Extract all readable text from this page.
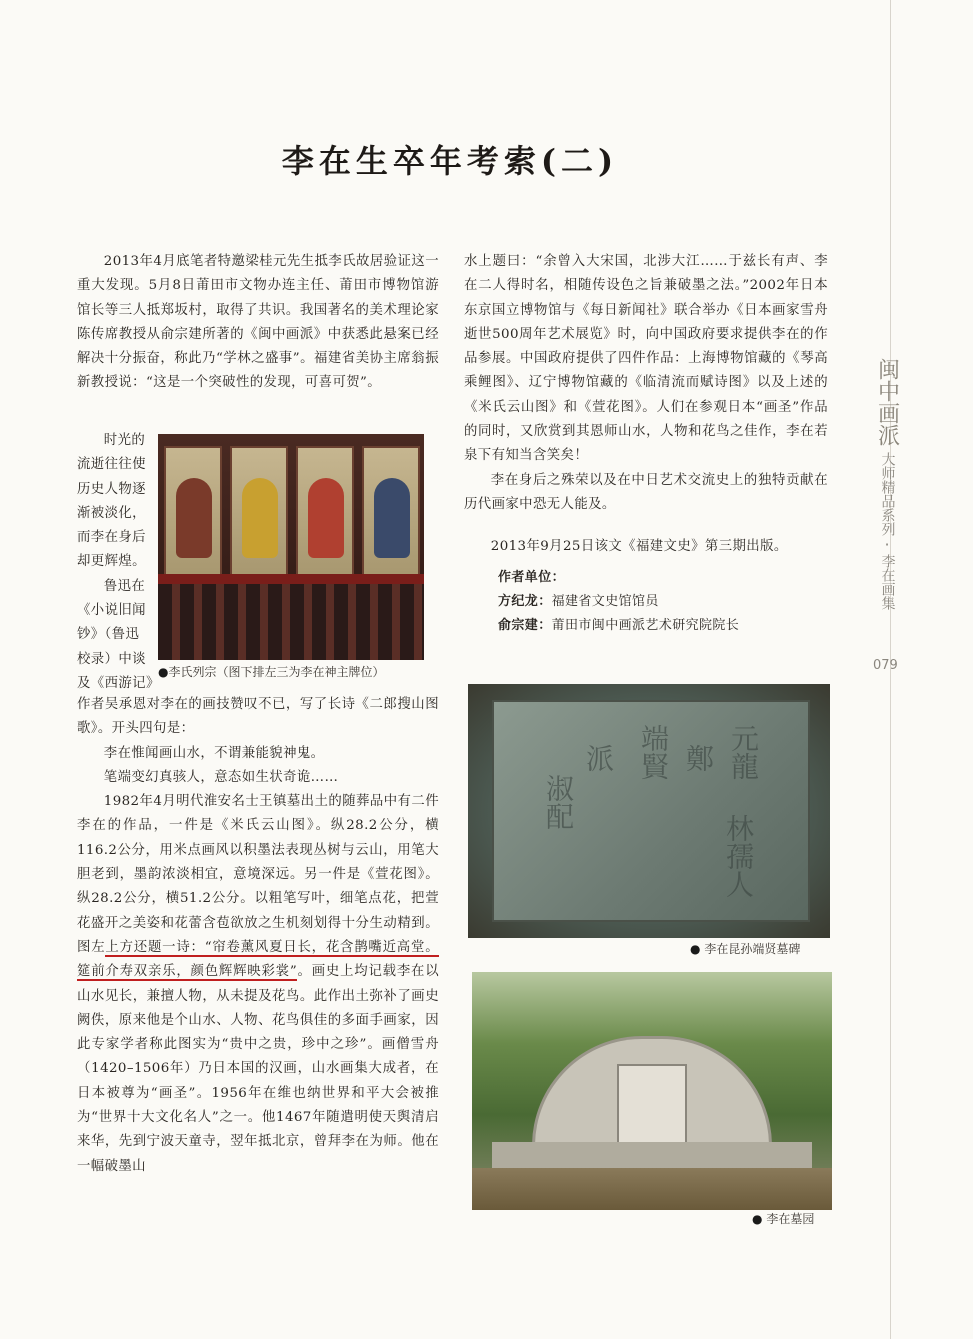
李在生卒年考索(二)

2013年4月底笔者特邀梁桂元先生抵李氏故居验证这一重大发现。5月8日莆田市文物办连主任、莆田市博物馆游馆长等三人抵郑坂村，取得了共识。我国著名的美术理论家陈传席教授从俞宗建所著的《闽中画派》中获悉此悬案已经解决十分振奋，称此乃“学林之盛事”。福建省美协主席翁振新教授说：“这是一个突破性的发现，可喜可贺”。

时光的
流逝往往使
历史人物逐
渐被淡化，
而李在身后
却更辉煌。
鲁迅在
《小说旧闻
钞》（鲁迅
校录）中谈
及《西游记》
●李氏列宗（图下排左三为李在神主牌位）

作者吴承恩对李在的画技赞叹不已，写了长诗《二郎搜山图歌》。开头四句是：

李在惟闻画山水，不谓兼能貌神鬼。

笔端变幻真骇人，意态如生状奇诡……

1982年4月明代淮安名士王镇墓出土的随葬品中有二件李在的作品，一件是《米氏云山图》。纵28.2公分，横116.2公分，用米点画风以积墨法表现丛树与云山，用笔大胆老到，墨韵浓淡相宜，意境深远。另一件是《萱花图》。纵28.2公分，横51.2公分。以粗笔写叶，细笔点花，把萱花盛开之美姿和花蕾含苞欲放之生机刻划得十分生动精到。图左上方还题一诗：“帘卷薰风夏日长，花含鹊嘴近高堂。筵前介寿双亲乐，颜色辉辉映彩裳”。画史上均记载李在以山水见长，兼擅人物，从未提及花鸟。此作出土弥补了画史阙佚，原来他是个山水、人物、花鸟俱佳的多面手画家，因此专家学者称此图实为“贵中之贵，珍中之珍”。画僧雪舟（1420–1506年）乃日本国的汉画，山水画集大成者，在日本被尊为“画圣”。1956年在维也纳世界和平大会被推为“世界十大文化名人”之一。他1467年随遣明使天舆清启来华，先到宁波天童寺，翌年抵北京，曾拜李在为师。他在一幅破墨山

水上题曰：“余曾入大宋国，北涉大江……于兹长有声、李在二人得时名，相随传设色之旨兼破墨之法。”2002年日本东京国立博物馆与《每日新闻社》联合举办《日本画家雪舟逝世500周年艺术展览》时，向中国政府要求提供李在的作品参展。中国政府提供了四件作品：上海博物馆藏的《琴高乘鲤图》、辽宁博物馆藏的《临清流而赋诗图》以及上述的《米氏云山图》和《萱花图》。人们在参观日本“画圣”作品的同时，又欣赏到其恩师山水，人物和花鸟之佳作，李在若泉下有知当含笑矣！

李在身后之殊荣以及在中日艺术交流史上的独特贡献在历代画家中恐无人能及。

2013年9月25日该文《福建文史》第三期出版。

作者单位：
方纪龙：福建省文史馆馆员
俞宗建：莆田市闽中画派艺术研究院院长
元龍
鄭
端賢
派
淑配
林孺人
● 李在昆孙端贤墓碑
● 李在墓园
闽中画派
大师精品系列
·
李在画集
079
